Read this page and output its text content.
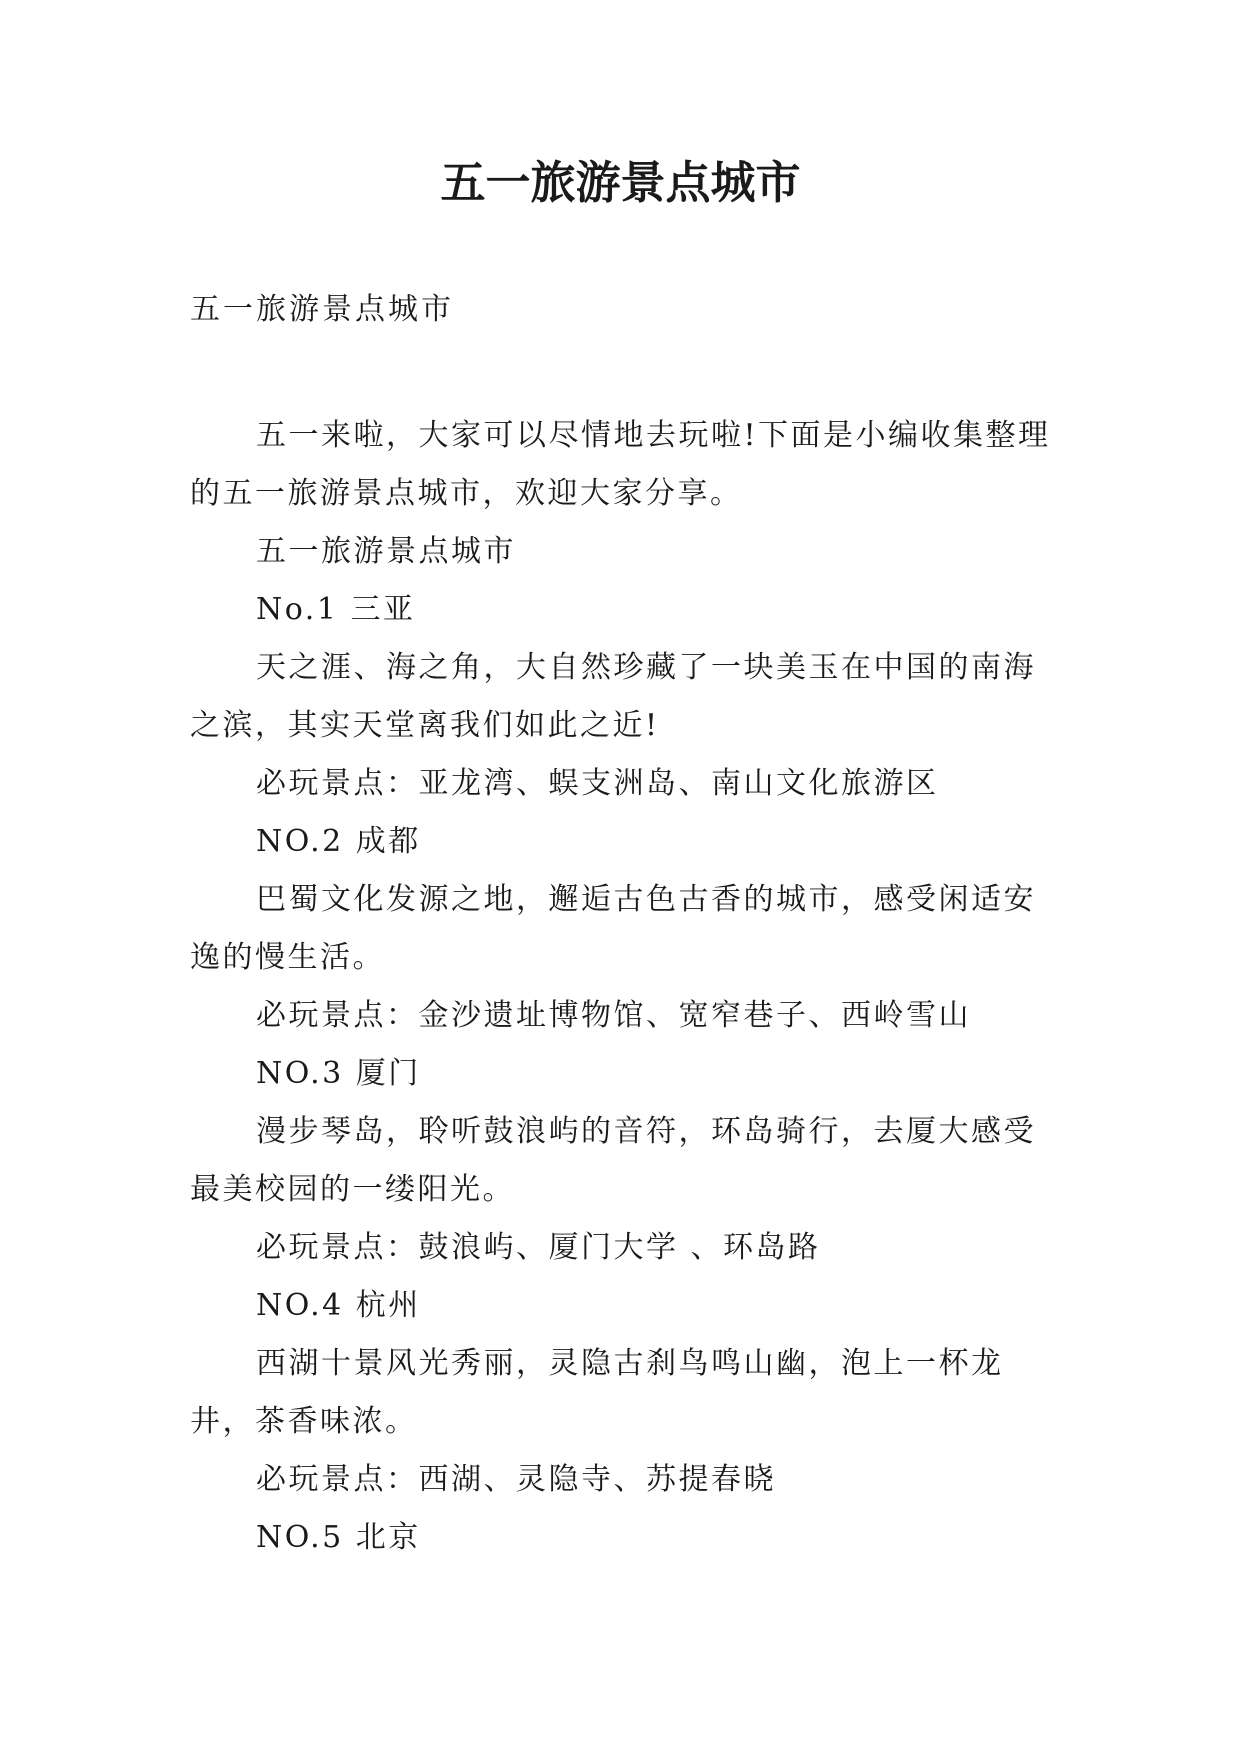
五一旅游景点城市
五一旅游景点城市

五一来啦，大家可以尽情地去玩啦!下面是小编收集整理的五一旅游景点城市，欢迎大家分享。

五一旅游景点城市

No.1 三亚

天之涯、海之角，大自然珍藏了一块美玉在中国的南海之滨，其实天堂离我们如此之近!

必玩景点：亚龙湾、蜈支洲岛、南山文化旅游区

NO.2 成都

巴蜀文化发源之地，邂逅古色古香的城市，感受闲适安逸的慢生活。

必玩景点：金沙遗址博物馆、宽窄巷子、西岭雪山

NO.3 厦门

漫步琴岛，聆听鼓浪屿的音符，环岛骑行，去厦大感受最美校园的一缕阳光。

必玩景点：鼓浪屿、厦门大学 、环岛路

NO.4 杭州

西湖十景风光秀丽，灵隐古刹鸟鸣山幽，泡上一杯龙井，茶香味浓。

必玩景点：西湖、灵隐寺、苏提春晓

NO.5 北京
